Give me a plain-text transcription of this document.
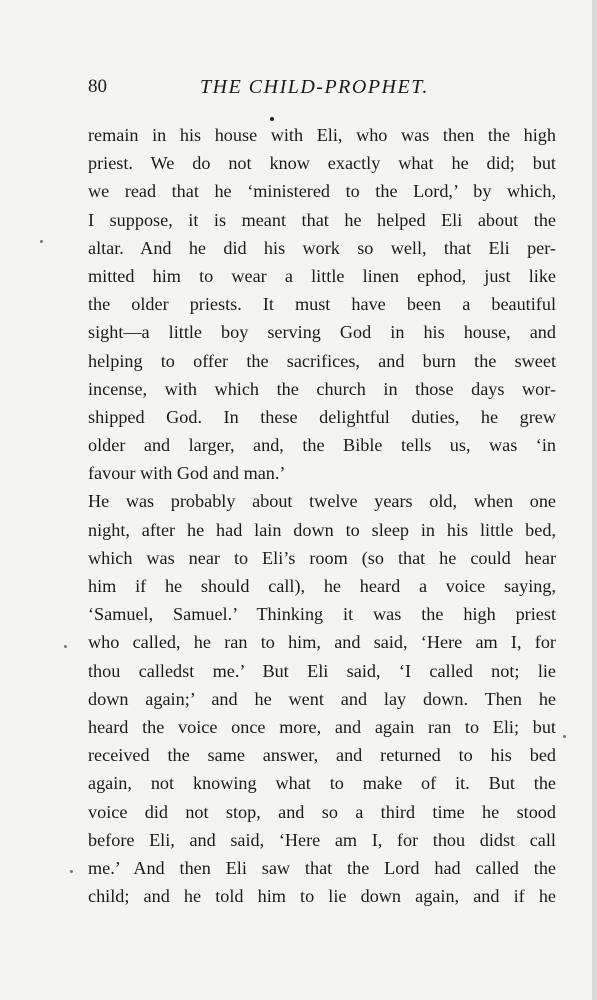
80	THE CHILD-PROPHET.
remain in his house with Eli, who was then the high
priest. We do not know exactly what he did; but
we read that he ‘ministered to the Lord,’ by which,
I suppose, it is meant that he helped Eli about the
altar. And he did his work so well, that Eli per-
mitted him to wear a little linen ephod, just like
the older priests. It must have been a beautiful
sight—a little boy serving God in his house, and
helping to offer the sacrifices, and burn the sweet
incense, with which the church in those days wor-
shipped God. In these delightful duties, he grew
older and larger, and, the Bible tells us, was ‘in
favour with God and man.’
He was probably about twelve years old, when one
night, after he had lain down to sleep in his little bed,
which was near to Eli’s room (so that he could hear
him if he should call), he heard a voice saying,
‘Samuel, Samuel.’ Thinking it was the high priest
who called, he ran to him, and said, ‘Here am I, for
thou calledst me.’ But Eli said, ‘I called not; lie
down again;’ and he went and lay down. Then he
heard the voice once more, and again ran to Eli; but
received the same answer, and returned to his bed
again, not knowing what to make of it. But the
voice did not stop, and so a third time he stood
before Eli, and said, ‘Here am I, for thou didst call
me.’ And then Eli saw that the Lord had called the
child; and he told him to lie down again, and if he
